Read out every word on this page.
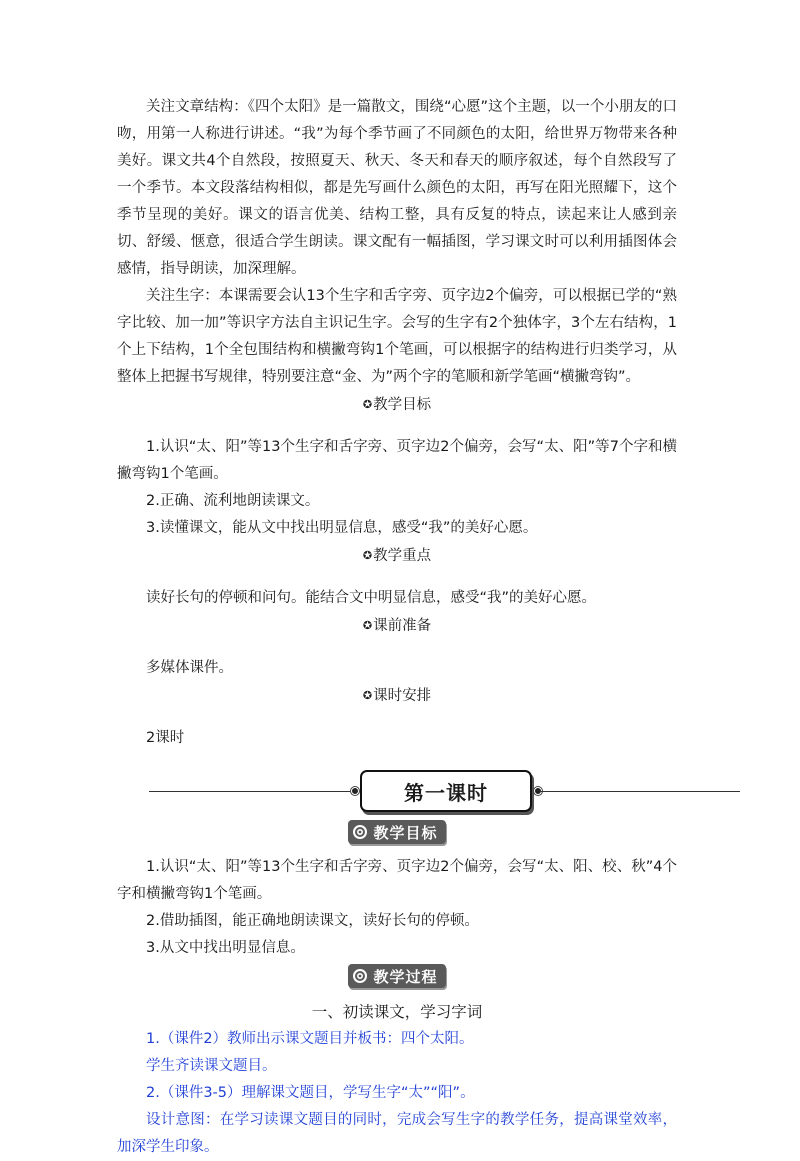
关注文章结构：《四个太阳》是一篇散文，围绕“心愿”这个主题，以一个小朋友的口吻，用第一人称进行讲述。“我”为每个季节画了不同颜色的太阳，给世界万物带来各种美好。课文共4个自然段，按照夏天、秋天、冬天和春天的顺序叙述，每个自然段写了一个季节。本文段落结构相似，都是先写画什么颜色的太阳，再写在阳光照耀下，这个季节呈现的美好。课文的语言优美、结构工整，具有反复的特点，读起来让人感到亲切、舒缓、惬意，很适合学生朗读。课文配有一幅插图，学习课文时可以利用插图体会感情，指导朗读，加深理解。

关注生字：本课需要会认13个生字和舌字旁、页字边2个偏旁，可以根据已学的“熟字比较、加一加”等识字方法自主识记生字。会写的生字有2个独体字，3个左右结构，1个上下结构，1个全包围结构和横撇弯钩1个笔画，可以根据字的结构进行归类学习，从整体上把握书写规律，特别要注意“金、为”两个字的笔顺和新学笔画“横撇弯钩”。

✪教学目标

1.认识“太、阳”等13个生字和舌字旁、页字边2个偏旁，会写“太、阳”等7个字和横撇弯钩1个笔画。

2.正确、流利地朗读课文。

3.读懂课文，能从文中找出明显信息，感受“我”的美好心愿。

✪教学重点

读好长句的停顿和问句。能结合文中明显信息，感受“我”的美好心愿。

✪课前准备

多媒体课件。

✪课时安排

2课时

第一课时
教学目标

1.认识“太、阳”等13个生字和舌字旁、页字边2个偏旁，会写“太、阳、校、秋”4个字和横撇弯钩1个笔画。

2.借助插图，能正确地朗读课文，读好长句的停顿。

3.从文中找出明显信息。

教学过程

一、初读课文，学习字词

1.（课件2）教师出示课文题目并板书：四个太阳。

学生齐读课文题目。

2.（课件3-5）理解课文题目，学写生字“太”“阳”。

设计意图：在学习读课文题目的同时，完成会写生字的教学任务，提高课堂效率，加深学生印象。
